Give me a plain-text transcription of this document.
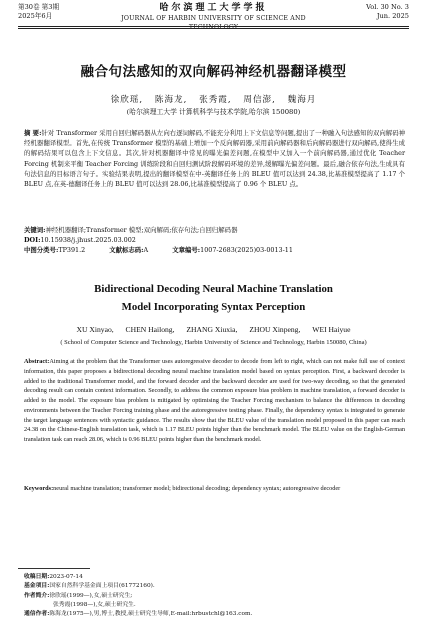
第30卷 第3期
2025年6月
哈尔滨理工大学学报
JOURNAL OF HARBIN UNIVERSITY OF SCIENCE AND TECHNOLOGY
Vol. 30 No. 3
Jun. 2025
融合句法感知的双向解码神经机器翻译模型
徐欣瑶, 陈海龙, 张秀霞, 周信澎, 魏海月
(哈尔滨理工大学 计算机科学与技术学院,哈尔滨 150080)
摘 要:针对 Transformer 采用自回归解码器从左向右逐词解码,不能充分利用上下文信息等问题,提出了一种融入句法感知的双向解码神经机器翻译模型。首先,在传统 Transformer 模型的基础上增加一个反向解码器,采用前向解码器和后向解码器进行双向解码,使得生成的解码结果可以包含上下文信息。其次,针对机器翻译中常见的曝光偏差问题,在模型中又加入一个前向解码器,通过优化 Teacher Forcing 机制来平衡 Teacher Forcing 训练阶段和自回归测试阶段解码环境的差异,缓解曝光偏差问题。最后,融合依存句法,生成具有句法信息的目标语言句子。实验结果表明,提出的翻译模型在中-英翻译任务上的 BLEU 值可以达到 24.38,比基准模型提高了 1.17 个 BLEU 点,在英-德翻译任务上的 BLEU 值可以达到 28.06,比基准模型提高了 0.96 个 BLEU 点。
关键词:神经机器翻译;Transformer 模型;双向解码;依存句法;自回归解码器
DOI:10.15938/j.jhust.2025.03.002
中图分类号:TP391.2	文献标志码:A	文章编号:1007-2683(2025)03-0013-11
Bidirectional Decoding Neural Machine Translation
Model Incorporating Syntax Perception
XU Xinyao, CHEN Hailong, ZHANG Xiuxia, ZHOU Xinpeng, WEI Haiyue
( School of Computer Science and Technology, Harbin University of Science and Technology, Harbin 150080, China)
Abstract:Aiming at the problem that the Transformer uses autoregressive decoder to decode from left to right, which can not make full use of context information, this paper proposes a bidirectional decoding neural machine translation model based on syntax perception. First, a backward decoder is added to the traditional Transformer model, and the forward decoder and the backward decoder are used for two-way decoding, so that the generated decoding result can contain context information. Secondly, to address the common exposure bias problem in machine translation, a forward decoder is added to the model. The exposure bias problem is mitigated by optimising the Teacher Forcing mechanism to balance the differences in decoding environments between the Teacher Forcing training phase and the autoregressive testing phase. Finally, the dependency syntax is integrated to generate the target language sentences with syntactic guidance. The results show that the BLEU value of the translation model proposed in this paper can reach 24.38 on the Chinese-English translation task, which is 1.17 BLEU points higher than the benchmark model. The BLEU value on the English-German translation task can reach 28.06, which is 0.96 BLEU points higher than the benchmark model.
Keywords:neural machine translation; transformer model; bidirectional decoding; dependency syntax; autoregressive decoder
收稿日期:2023-07-14
基金项目:国家自然科学基金面上项目(61772160).
作者简介:徐欣瑶(1999—),女,硕士研究生;
张秀霞(1998—),女,硕士研究生.
通信作者:陈海龙(1975—),男,博士,教授,硕士研究生导师,E-mail:hrbustchl@163.com.
